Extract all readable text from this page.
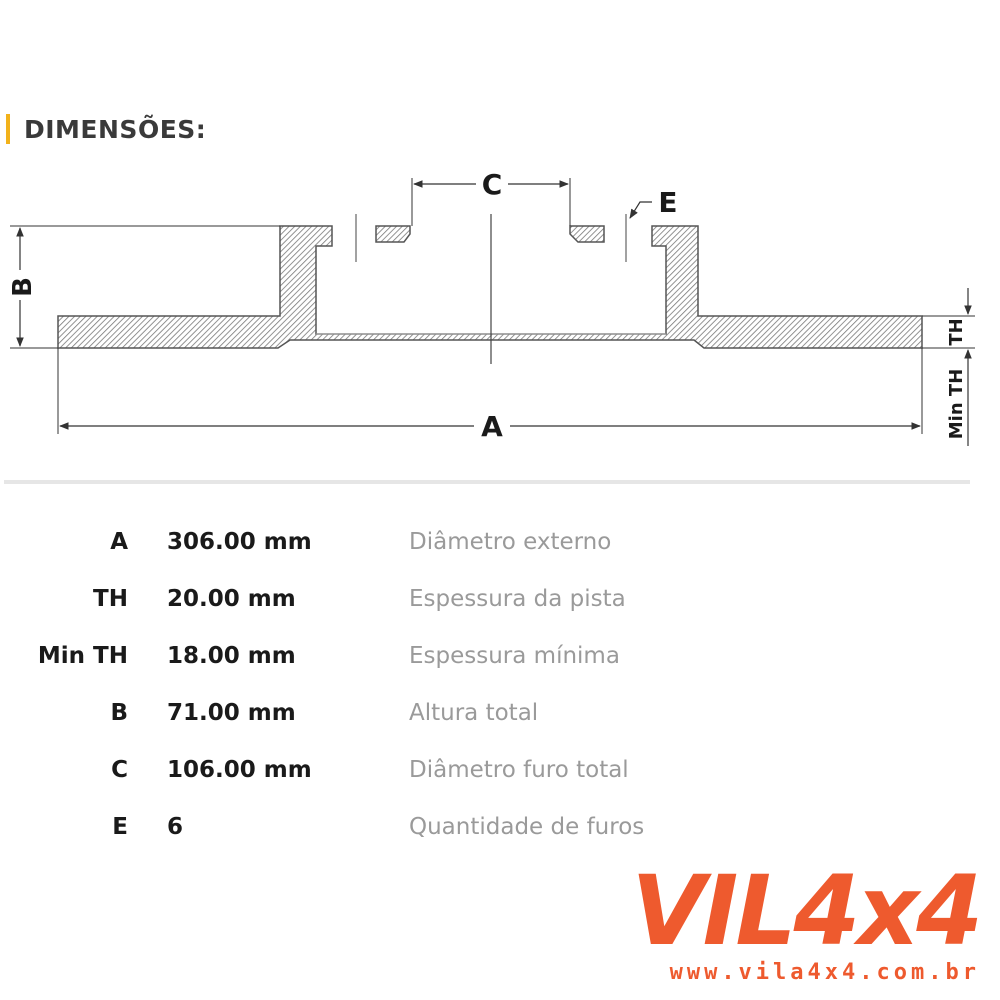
DIMENSÕES:
C
E
B
A
TH
Min TH
A 306.00 mm	Diâmetro externo
TH 20.00 mm	Espessura da pista
Min TH 18.00 mm	Espessura mínima
B 71.00 mm	Altura total
C 106.00 mm	Diâmetro furo total
E 6	Quantidade de furos
VIL4x4
www.vila4x4.com.br
